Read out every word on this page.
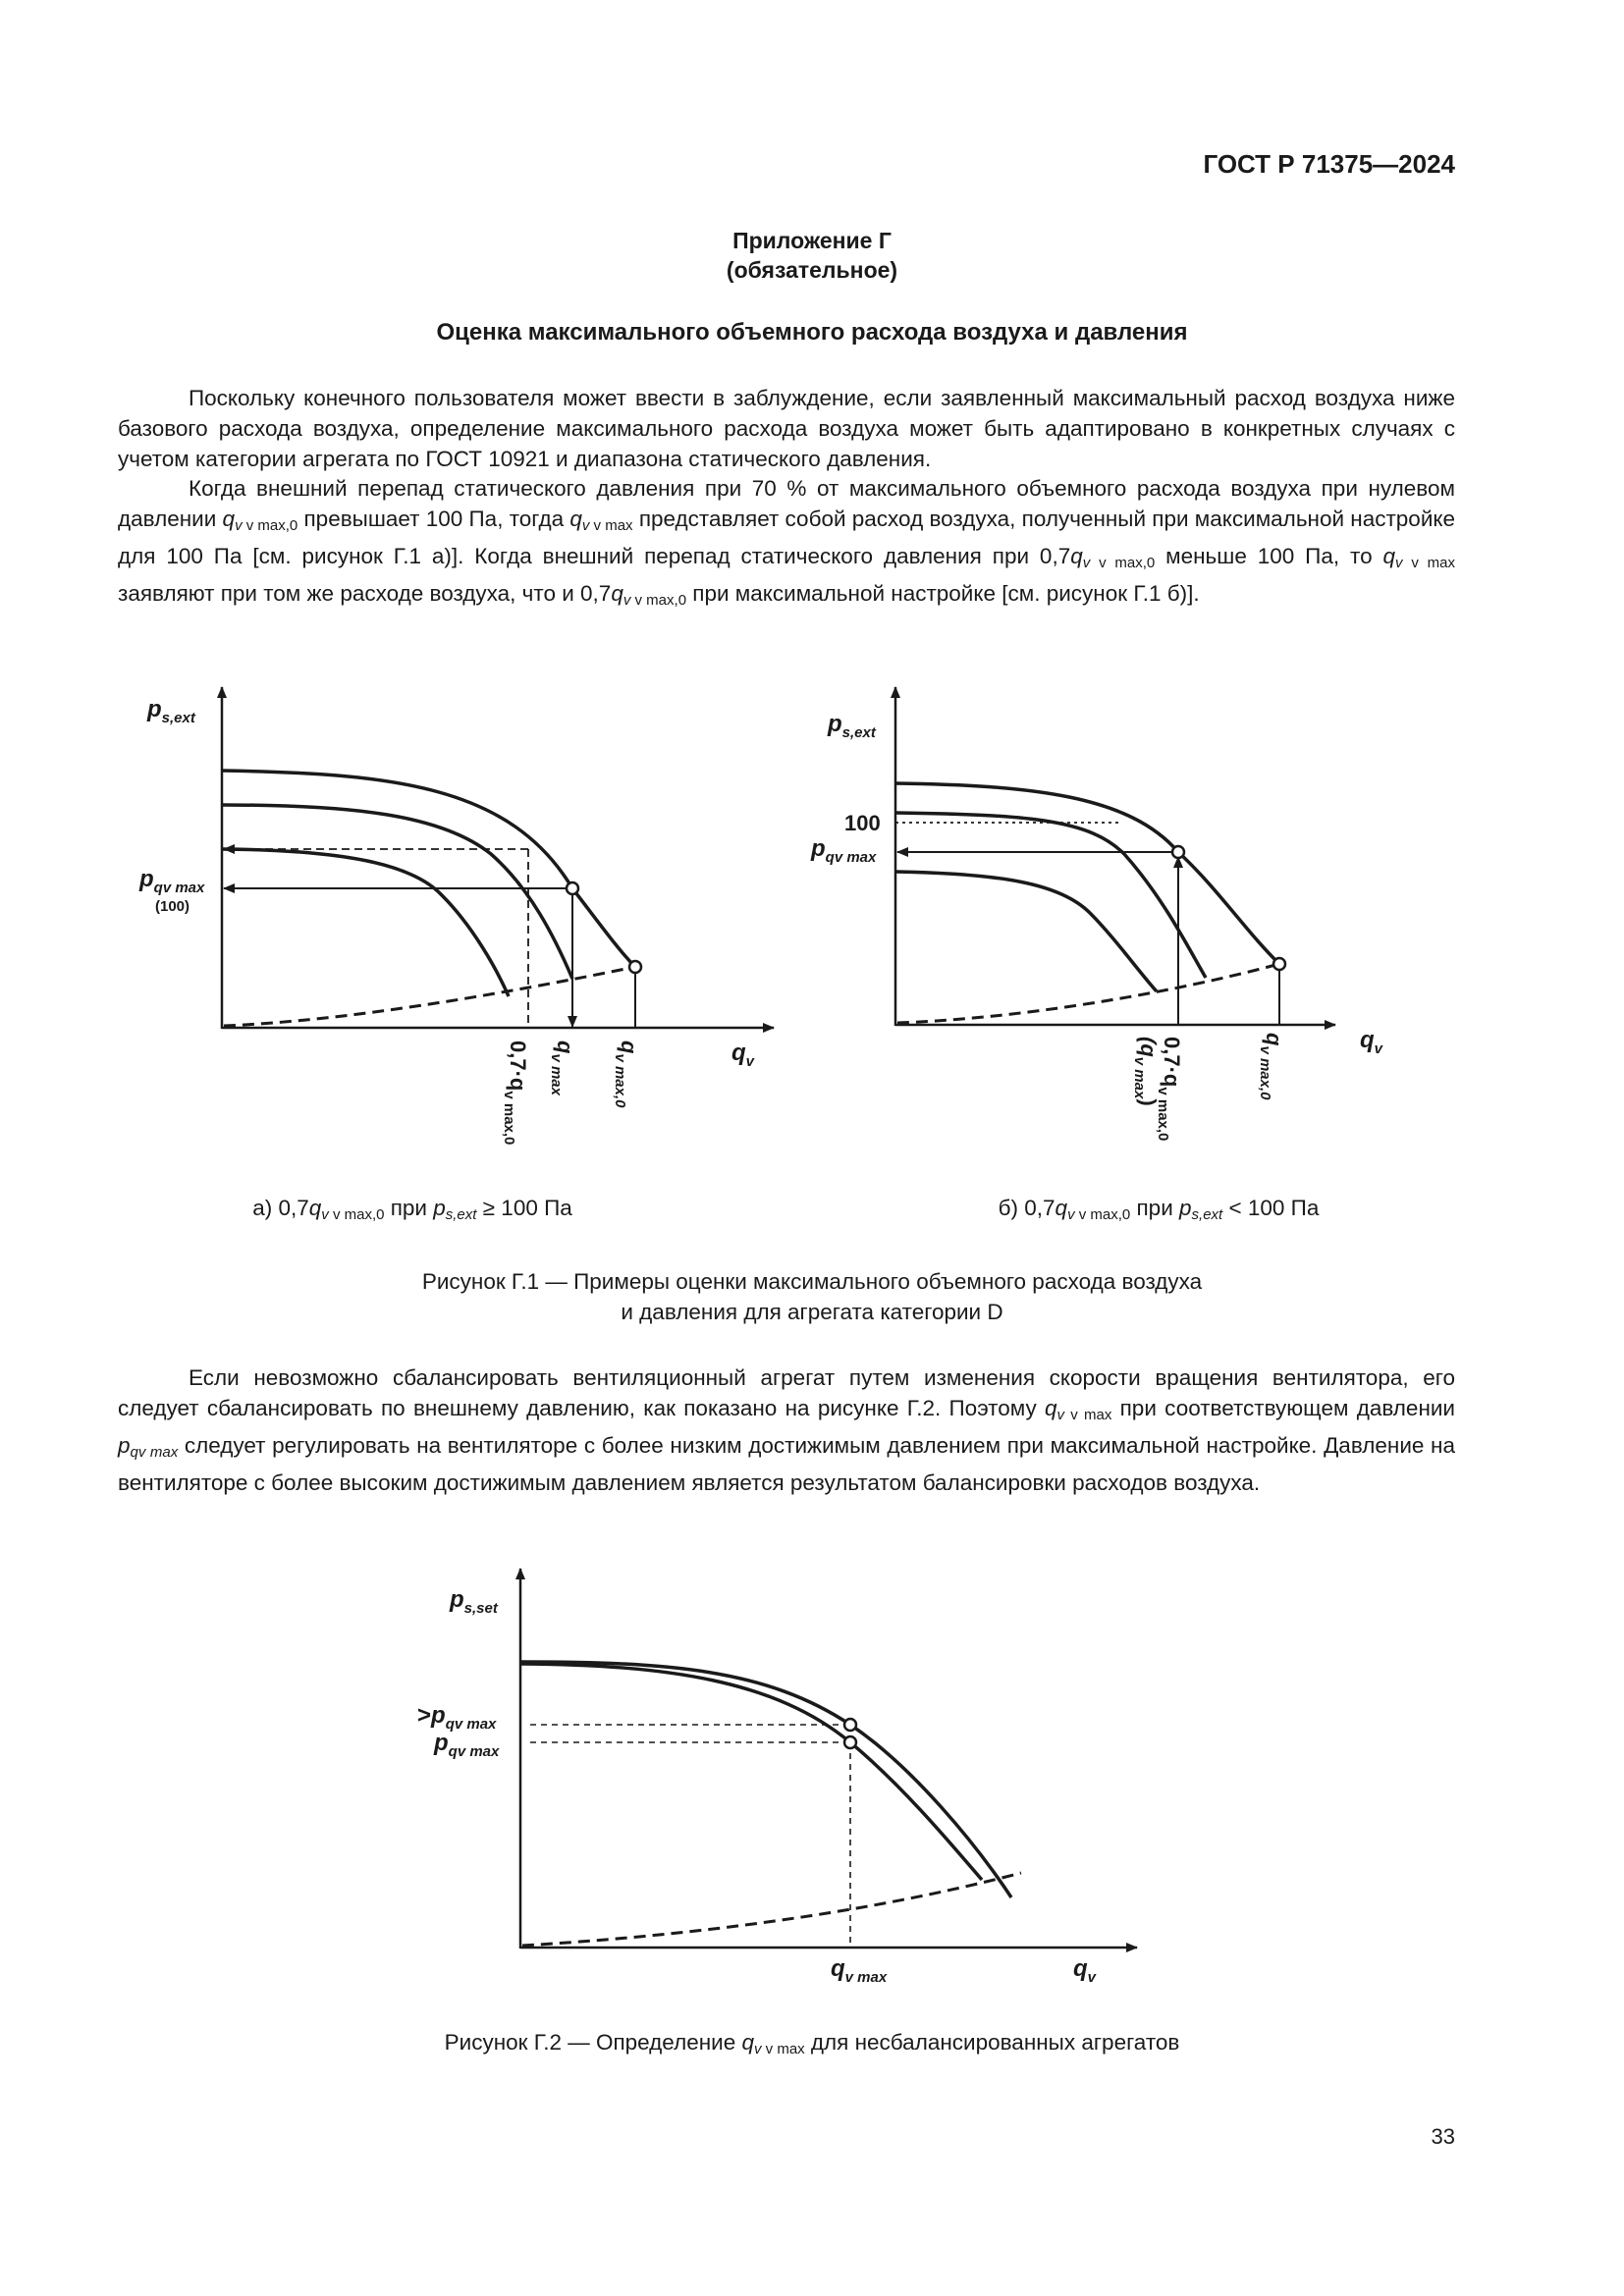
ГОСТ Р 71375—2024
Приложение Г
(обязательное)
Оценка максимального объемного расхода воздуха и давления

Поскольку конечного пользователя может ввести в заблуждение, если заявленный максимальный расход воздуха ниже базового расхода воздуха, определение максимального расхода воздуха может быть адаптировано в конкретных случаях с учетом категории агрегата по ГОСТ 10921 и диапазона статического давления.

Когда внешний перепад статического давления при 70 % от максимального объемного расхода воздуха при нулевом давлении $q_{v v max,0}$ превышает 100 Па, тогда $q_{v v max}$ представляет собой расход воздуха, полученный при максимальной настройке для 100 Па [см. рисунок Г.1 а)]. Когда внешний перепад статического давления при $0,7q_{v v max,0}$ меньше 100 Па, то $q_{v v max}$ заявляют при том же расходе воздуха, что и $0,7q_{v v max,0}$ при максимальной настройке [см. рисунок Г.1 б)].

$p_{s,ext}$
$p_{qv max}$
(100)
$q_v$
$0,7\cdot q_{v max,0}$
$q_{v max}$
$q_{v max,0}$
$p_{s,ext}$
100
$p_{qv max}$
$q_v$
$0,7\cdot q_{v max,0}$
$(q_{v max})$
$q_{v max,0}$
$p_{s,set}$
$>p_{qv max}$
$p_{qv max}$
$q_{v max}$	$q_v$
а) $0,7q_{v v max,0}$ при $p_{s,ext} \ge 100$ Па	б) $0,7q_{v v max,0}$ при $p_{s,ext} < 100$ Па
Рисунок Г.1 — Примеры оценки максимального объемного расхода воздуха
и давления для агрегата категории D

Если невозможно сбалансировать вентиляционный агрегат путем изменения скорости вращения вентилятора, его следует сбалансировать по внешнему давлению, как показано на рисунке Г.2. Поэтому $q_{v v max}$ при соответствующем давлении $p_{qv max}$ следует регулировать на вентиляторе с более низким достижимым давлением при максимальной настройке. Давление на вентиляторе с более высоким достижимым давлением является результатом балансировки расходов воздуха.

Рисунок Г.2 — Определение $q_{v v max}$ для несбалансированных агрегатов
33
